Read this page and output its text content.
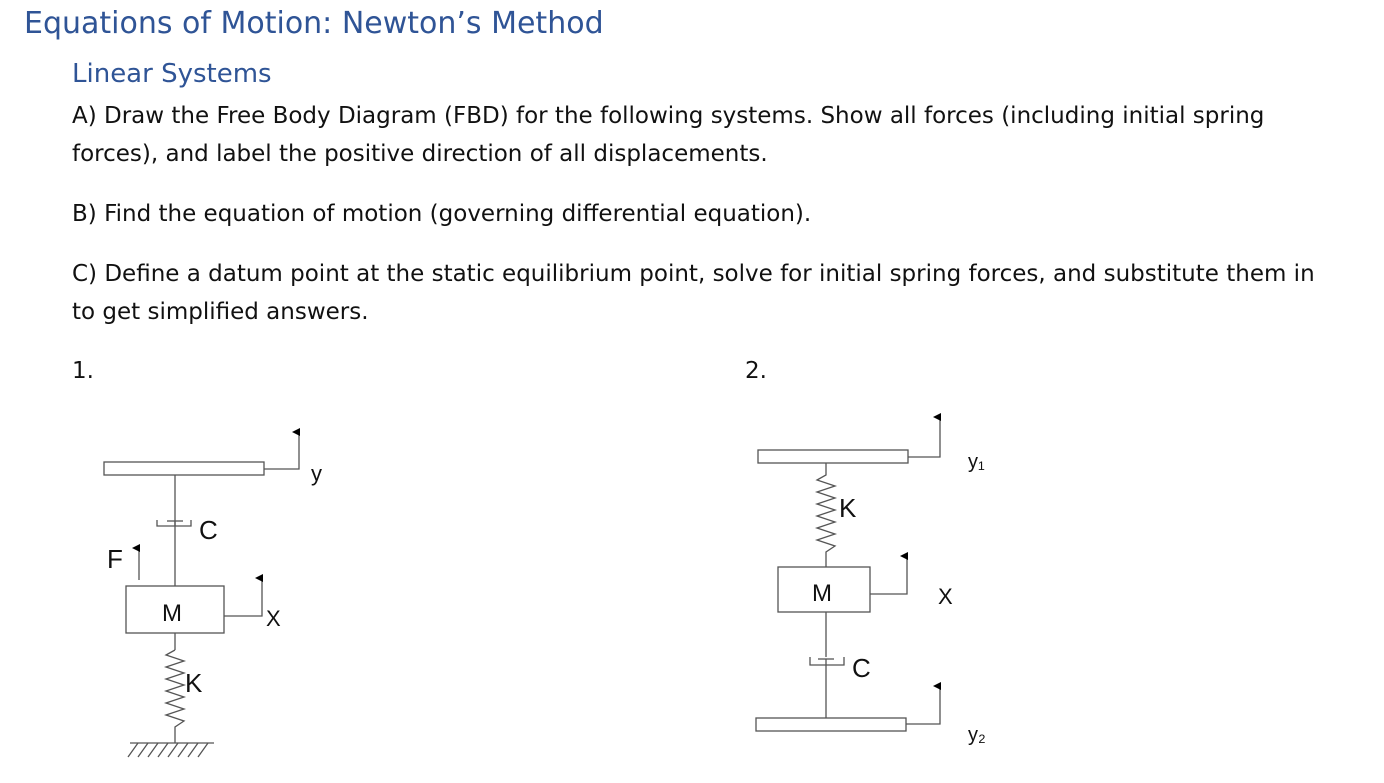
Equations of Motion: Newton’s Method
Linear Systems
A) Draw the Free Body Diagram (FBD) for the following systems. Show all forces (including initial spring forces), and label the positive direction of all displacements.
B) Find the equation of motion (governing differential equation).
C) Define a datum point at the static equilibrium point, solve for initial spring forces, and substitute them in to get simplified answers.
1.	2.
y
C
F
M	X
K
y₁
K
M	X
C
y₂
